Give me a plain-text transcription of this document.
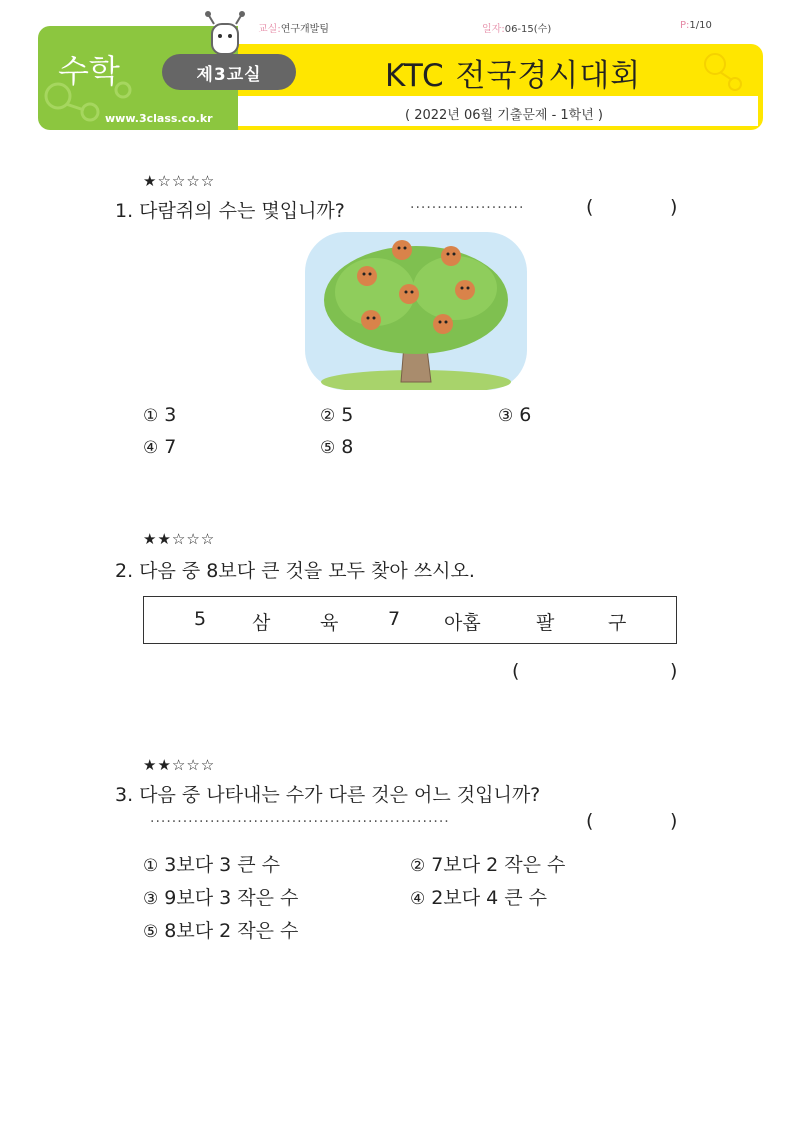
교실:연구개발팀	일자:06-15(수)	P:1/10
수학	제3교실
www.3class.co.kr
KTC 전국경시대회
( 2022년 06월 기출문제 - 1학년 )
★☆☆☆☆
1. 다람쥐의 수는 몇입니까?	·····················	(	)
① 3	② 5	③ 6
④ 7	⑤ 8
★★☆☆☆
2. 다음 중 8보다 큰 것을 모두 찾아 쓰시오.
5 삼	육	7 아홉	팔	구
(	)
★★☆☆☆
3. 다음 중 나타내는 수가 다른 것은 어느 것입니까?
·······················································	(	)
① 3보다 3 큰 수	② 7보다 2 작은 수
③ 9보다 3 작은 수	④ 2보다 4 큰 수
⑤ 8보다 2 작은 수
